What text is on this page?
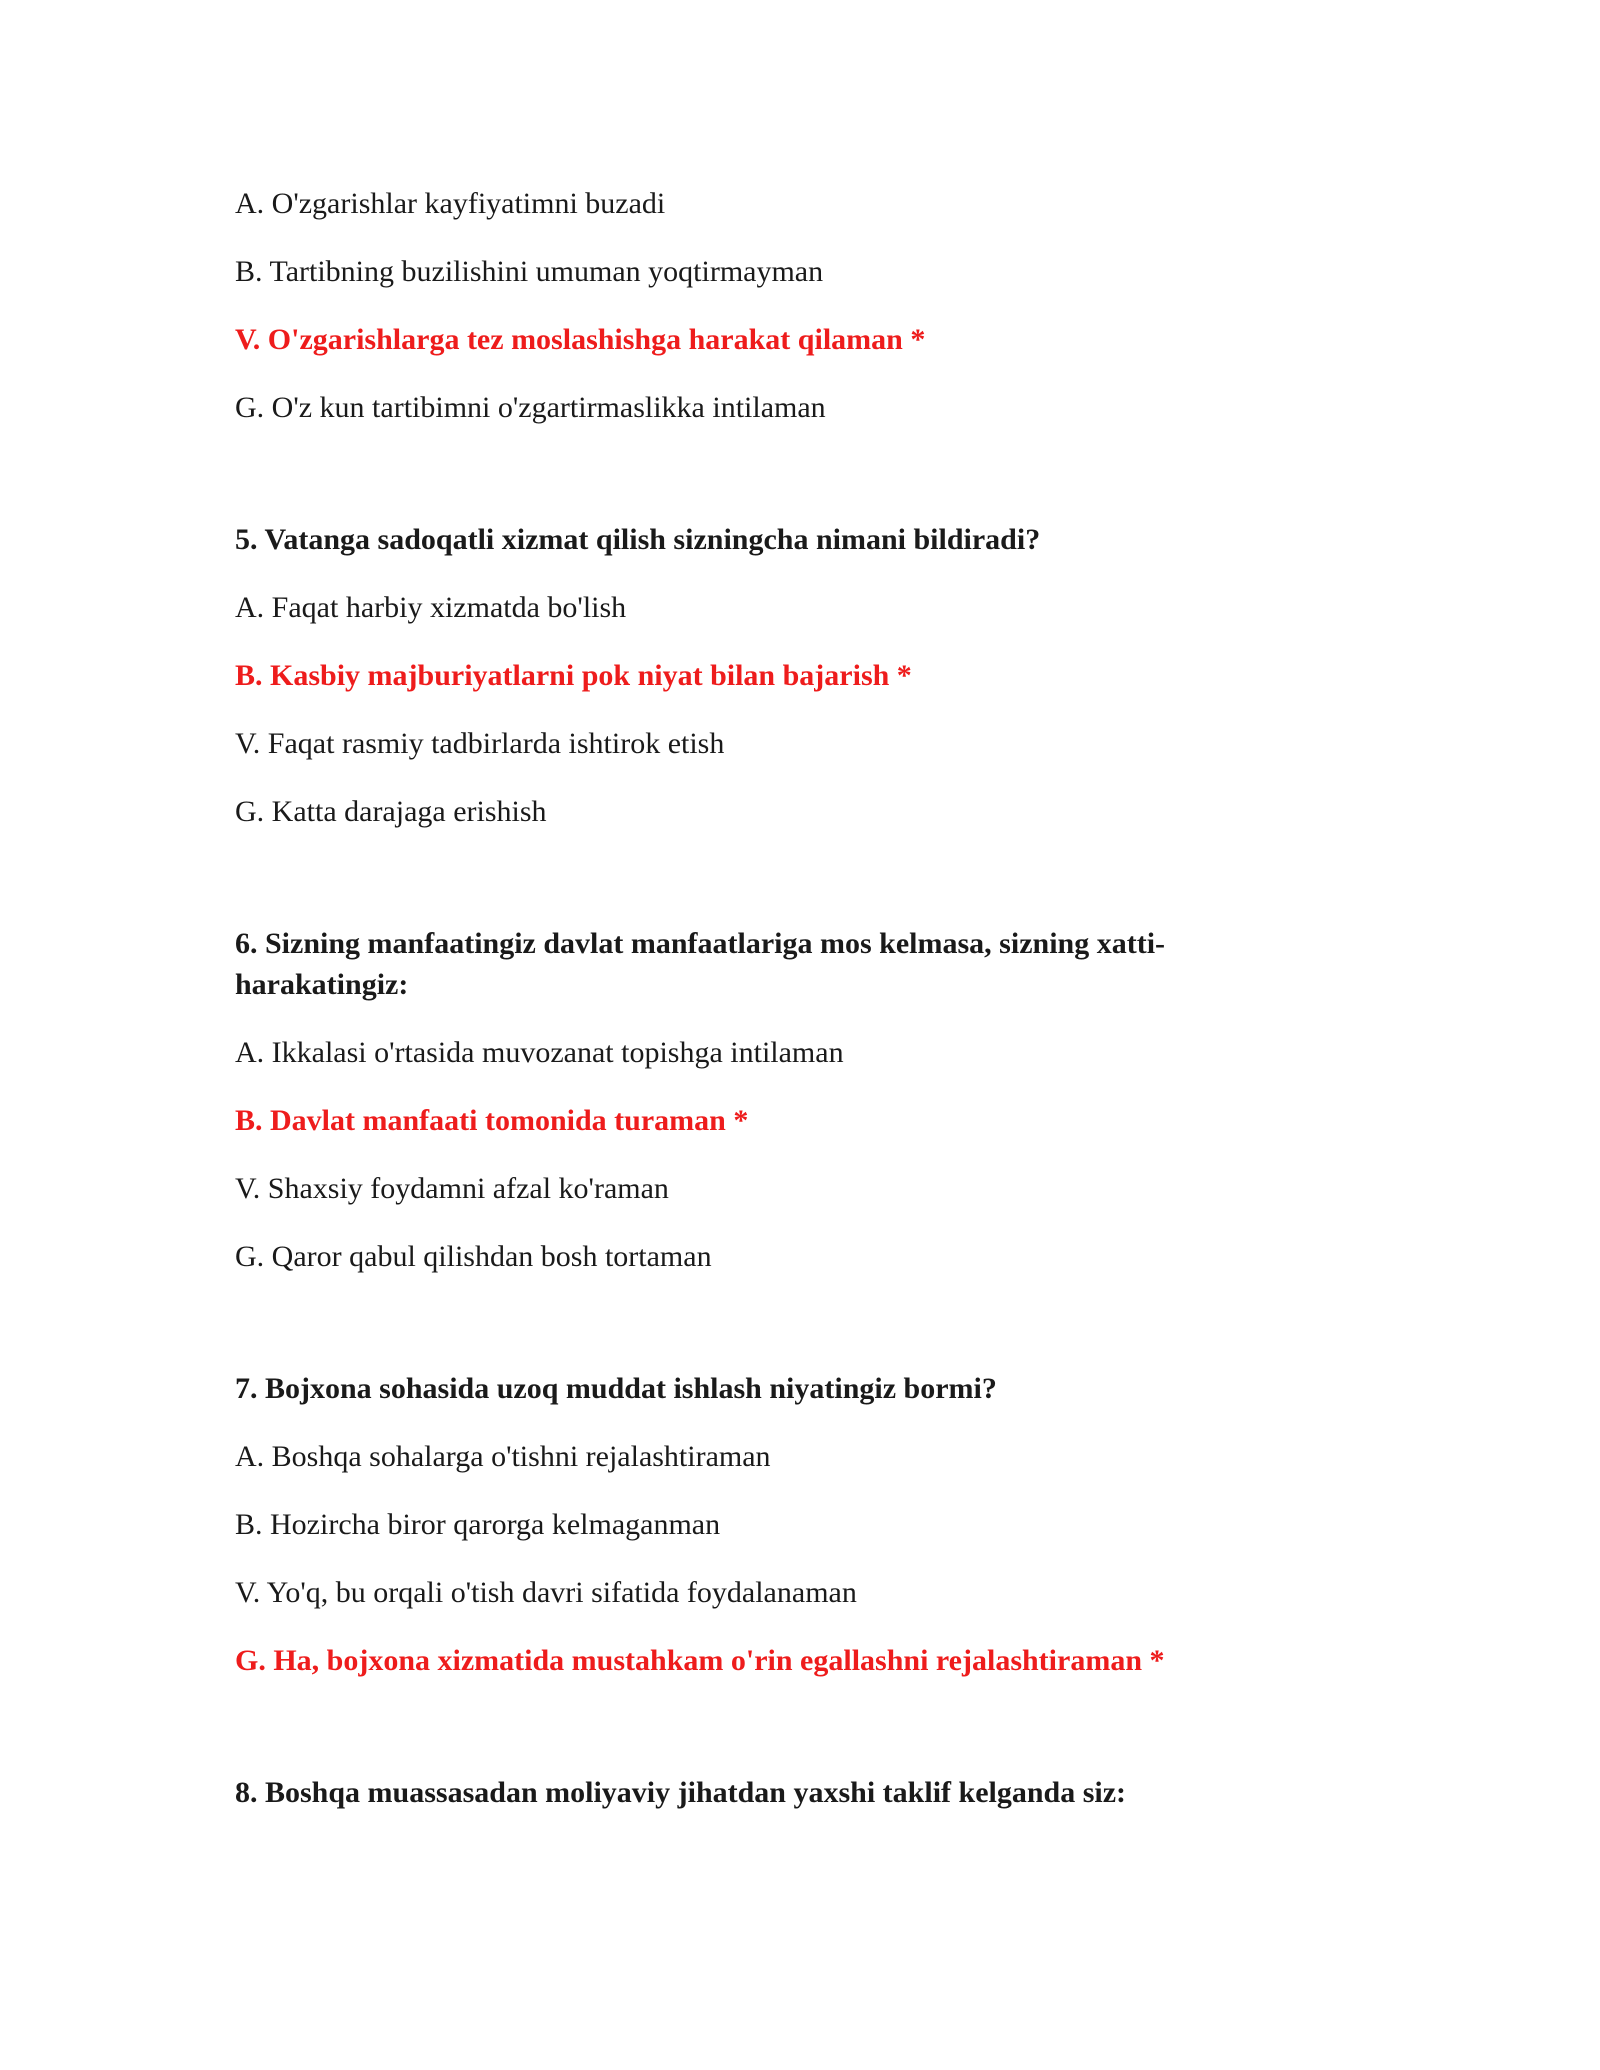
A. O'zgarishlar kayfiyatimni buzadi

B. Tartibning buzilishini umuman yoqtirmayman

V. O'zgarishlarga tez moslashishga harakat qilaman *

G. O'z kun tartibimni o'zgartirmaslikka intilaman

5. Vatanga sadoqatli xizmat qilish sizningcha nimani bildiradi?

A. Faqat harbiy xizmatda bo'lish

B. Kasbiy majburiyatlarni pok niyat bilan bajarish *

V. Faqat rasmiy tadbirlarda ishtirok etish

G. Katta darajaga erishish

6. Sizning manfaatingiz davlat manfaatlariga mos kelmasa, sizning xatti-harakatingiz:

A. Ikkalasi o'rtasida muvozanat topishga intilaman

B. Davlat manfaati tomonida turaman *

V. Shaxsiy foydamni afzal ko'raman

G. Qaror qabul qilishdan bosh tortaman

7. Bojxona sohasida uzoq muddat ishlash niyatingiz bormi?

A. Boshqa sohalarga o'tishni rejalashtiraman

B. Hozircha biror qarorga kelmaganman

V. Yo'q, bu orqali o'tish davri sifatida foydalanaman

G. Ha, bojxona xizmatida mustahkam o'rin egallashni rejalashtiraman *

8. Boshqa muassasadan moliyaviy jihatdan yaxshi taklif kelganda siz:
